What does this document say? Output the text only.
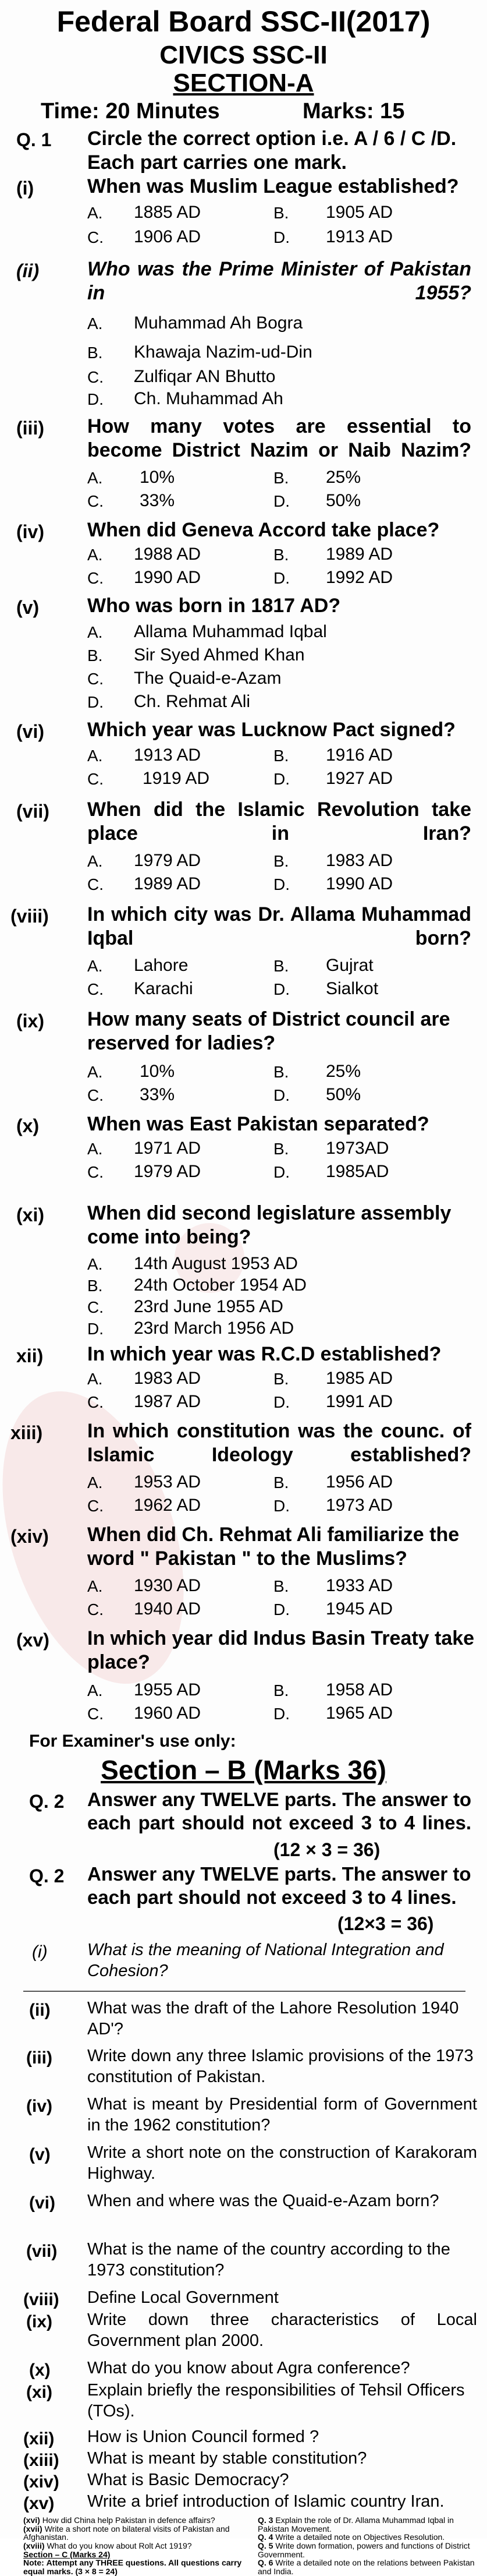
Federal Board SSC-II(2017)
CIVICS SSC-II
SECTION-A
Time: 20 Minutes	Marks: 15
Q. 1 Circle the correct option i.e. A / 6 / C /D. Each part carries one mark.
(i)	When was Muslim League established?
A. 1885 AD	B. 1905 AD
C. 1906 AD	D. 1913 AD
(ii) Who was the Prime Minister of Pakistan in 1955?
A. Muhammad Ah Bogra
B. Khawaja Nazim-ud-Din
C. Zulfiqar AN Bhutto
D. Ch. Muhammad Ah
(iii) How many votes are essential to become District Nazim or Naib Nazim?
A. 10%	B. 25%
C. 33%	D. 50%
(iv) When did Geneva Accord take place?
A. 1988 AD	B. 1989 AD
C. 1990 AD	D. 1992 AD
(v) Who was born in 1817 AD?
A. Allama Muhammad Iqbal
B. Sir Syed Ahmed Khan
C. The Quaid-e-Azam
D. Ch. Rehmat Ali
(vi) Which year was Lucknow Pact signed?
A. 1913 AD	B. 1916 AD
C. 1919 AD	D. 1927 AD
(vii) When did the Islamic Revolution take place in Iran?
A. 1979 AD	B. 1983 AD
C. 1989 AD	D. 1990 AD
(viii) In which city was Dr. Allama Muhammad Iqbal born?
A. Lahore	B. Gujrat
C. Karachi	D. Sialkot
(ix) How many seats of District council are reserved for ladies?
A. 10%	B. 25%
C. 33%	D. 50%
(x) When was East Pakistan separated?
A. 1971 AD	B. 1973AD
C. 1979 AD	D. 1985AD
(xi) When did second legislature assembly come into being?
A. 14th August 1953 AD
B. 24th October 1954 AD
C. 23rd June 1955 AD
D. 23rd March 1956 AD
xii) In which year was R.C.D established?
A. 1983 AD	B. 1985 AD
C. 1987 AD	D. 1991 AD
xiii) In which constitution was the counc. of Islamic Ideology established?
A. 1953 AD	B. 1956 AD
C. 1962 AD	D. 1973 AD
(xiv) When did Ch. Rehmat Ali familiarize the word " Pakistan " to the Muslims?
A. 1930 AD	B. 1933 AD
C. 1940 AD	D. 1945 AD
(xv) In which year did Indus Basin Treaty take place?
A. 1955 AD	B. 1958 AD
C. 1960 AD	D. 1965 AD
For Examiner's use only:
Section – B (Marks 36)
Q. 2 Answer any TWELVE parts. The answer to each part should not exceed 3 to 4 lines.
(12 × 3 = 36)
Q. 2 Answer any TWELVE parts. The answer to each part should not exceed 3 to 4 lines.
(12×3 = 36)
(i) What is the meaning of National Integration and Cohesion?
(ii) What was the draft of the Lahore Resolution 1940 AD'?
(iii) Write down any three Islamic provisions of the 1973 constitution of Pakistan.
(iv) What is meant by Presidential form of Government in the 1962 constitution?
(v) Write a short note on the construction of Karakoram Highway.
(vi) When and where was the Quaid-e-Azam born?
(vii) What is the name of the country according to the 1973 constitution?
(viii) Define Local Government
(ix) Write down three characteristics of Local Government plan 2000.
(x) What do you know about Agra conference?
(xi) Explain briefly the responsibilities of Tehsil Officers (TOs).
(xii) How is Union Council formed ?
(xiii) What is meant by stable constitution?
(xiv) What is Basic Democracy?
(xv) Write a brief introduction of Islamic country Iran.
(xvi) How did China help Pakistan in defence affairs?
(xvii) Write a short note on bilateral visits of Pakistan and Afghanistan.
(xviii) What do you know about Rolt Act 1919?
Section – C (Marks 24)
Note: Attempt any THREE questions. All questions carry equal marks. (3 × 8 = 24)
Q. 3 Explain the role of Dr. Allama Muhammad Iqbal in Pakistan Movement.
Q. 4 Write a detailed note on Objectives Resolution.
Q. 5 Write down formation, powers and functions of District Government.
Q. 6 Write a detailed note on the relations between Pakistan and India.
